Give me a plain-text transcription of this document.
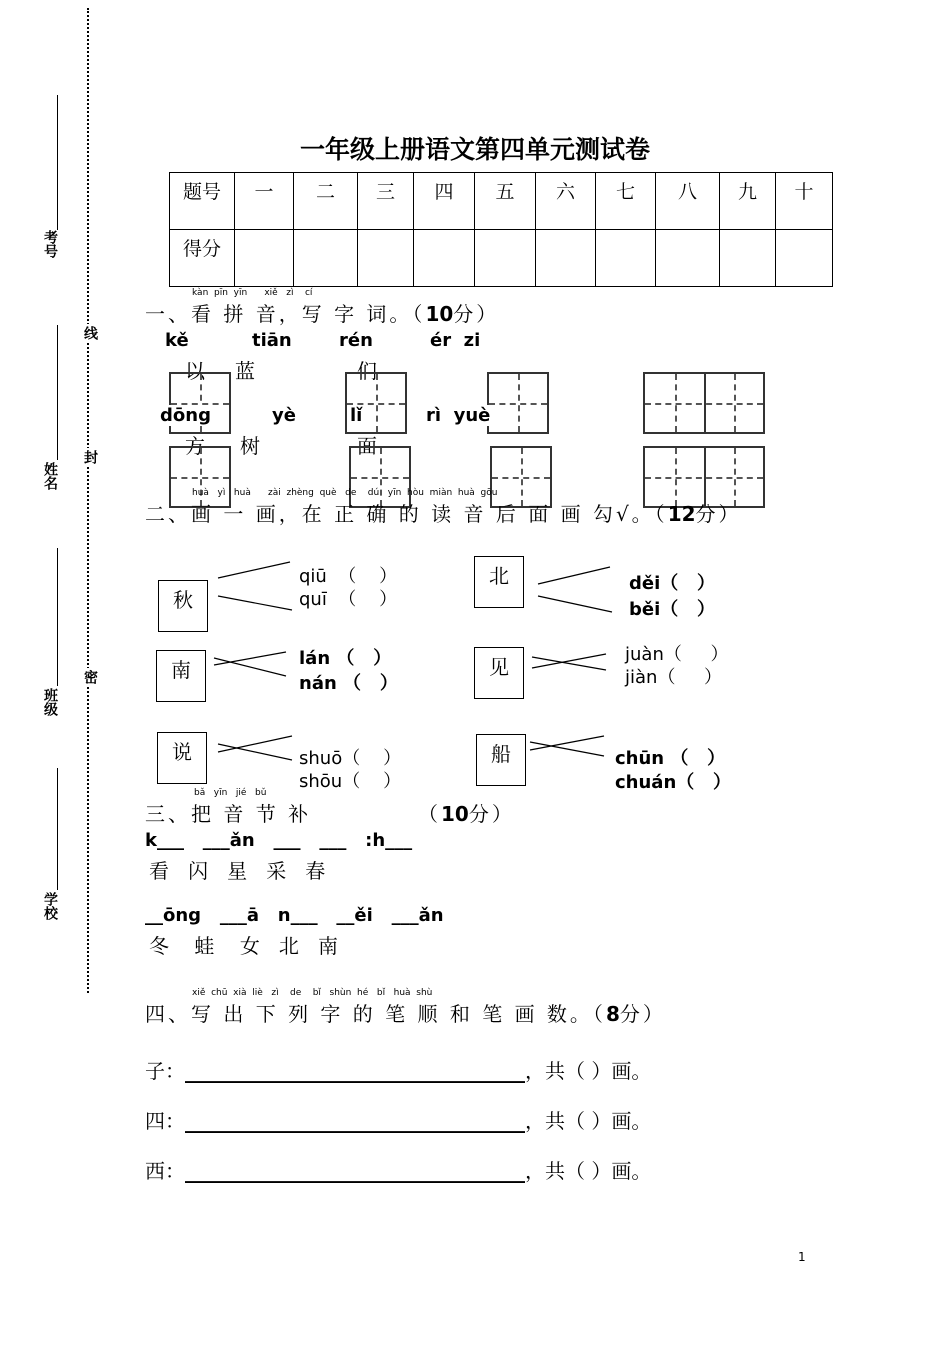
考号
姓名
班级
学校
线
封
密
一年级上册语文第四单元测试卷
题号	一	二	三	四	五	六	七	八	九	十
得分										
kàn  pīn  yīn      xiě   zì    cí
一、看 拼 音，写 字 词。（10分）
kě	tiān	rén	ér  zi
以 蓝	们
dōng	yè	lǐ	rì  yuè
方 树	面
huà   yì   huà      zài  zhèng  què   de    dú   yīn  hòu  miàn  huà  gōu
二、画 一 画，在 正 确 的 读 音 后 面 画 勾√。（12分）
秋
qiū  （    ）
quī  （    ）
北	děi（   ）
běi（   ）
南	lán （   ）
nán （   ）
见
juàn（     ）
jiàn（     ）
说	shuō（    ）
shōu（    ）
船	chūn （   ）
chuán（   ）
bǎ   yīn   jié   bǔ
三、把 音 节 补	（10分）
k___   ___ǎn   ___   ___   :h___
看   闪   星   采   春
__ōng   ___ā   n___   __ěi   ___ǎn
冬    蛙    女   北   南
xiě  chū  xià  liè   zì    de    bǐ   shùn  hé   bǐ   huà  shù
四、写 出 下 列 字 的 笔 顺 和 笔 画 数。（8分）
子：__________________________________，共（ ）画。
四：__________________________________，共（ ）画。
西：__________________________________，共（ ）画。
1
